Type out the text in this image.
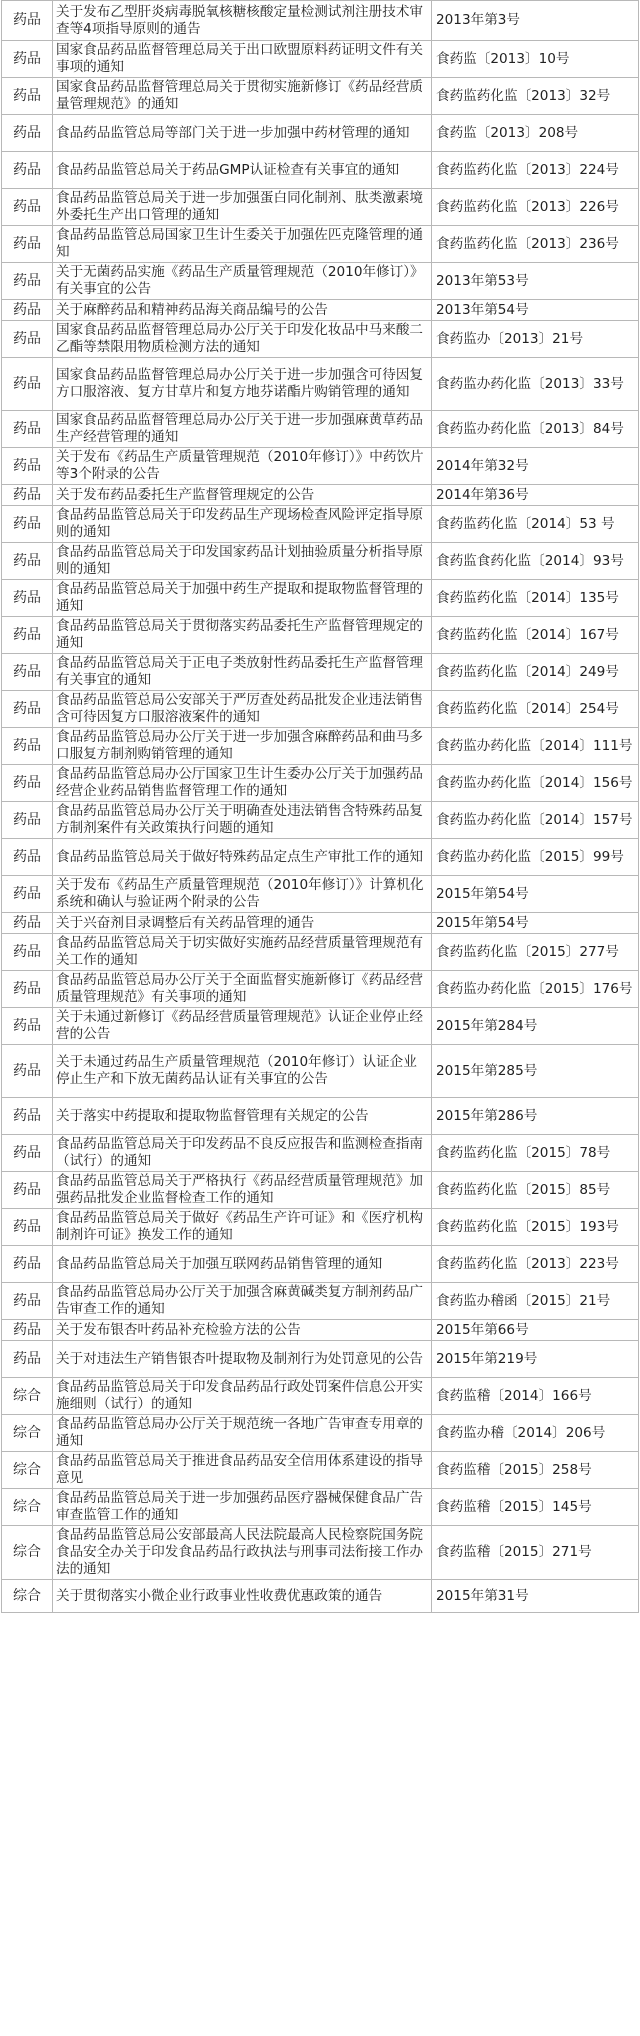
药品	关于发布乙型肝炎病毒脱氧核糖核酸定量检测试剂注册技术审查等4项指导原则的通告	2013年第3号
药品	国家食品药品监督管理总局关于出口欧盟原料药证明文件有关事项的通知	食药监〔2013〕10号
药品	国家食品药品监督管理总局关于贯彻实施新修订《药品经营质量管理规范》的通知	食药监药化监〔2013〕32号
药品	食品药品监管总局等部门关于进一步加强中药材管理的通知	食药监〔2013〕208号
药品	食品药品监管总局关于药品GMP认证检查有关事宜的通知	食药监药化监〔2013〕224号
药品	食品药品监管总局关于进一步加强蛋白同化制剂、肽类激素境外委托生产出口管理的通知	食药监药化监〔2013〕226号
药品	食品药品监管总局国家卫生计生委关于加强佐匹克隆管理的通知	食药监药化监〔2013〕236号
药品	关于无菌药品实施《药品生产质量管理规范（2010年修订）》有关事宜的公告	2013年第53号
药品	关于麻醉药品和精神药品海关商品编号的公告	2013年第54号
药品	国家食品药品监督管理总局办公厅关于印发化妆品中马来酸二乙酯等禁限用物质检测方法的通知	食药监办〔2013〕21号
药品	国家食品药品监督管理总局办公厅关于进一步加强含可待因复方口服溶液、复方甘草片和复方地芬诺酯片购销管理的通知	食药监办药化监〔2013〕33号
药品	国家食品药品监督管理总局办公厅关于进一步加强麻黄草药品生产经营管理的通知	食药监办药化监〔2013〕84号
药品	关于发布《药品生产质量管理规范（2010年修订）》中药饮片等3个附录的公告	2014年第32号
药品	关于发布药品委托生产监督管理规定的公告	2014年第36号
药品	食品药品监管总局关于印发药品生产现场检查风险评定指导原则的通知	食药监药化监〔2014〕53 号
药品	食品药品监管总局关于印发国家药品计划抽验质量分析指导原则的通知	食药监食药化监〔2014〕93号
药品	食品药品监管总局关于加强中药生产提取和提取物监督管理的通知	食药监药化监〔2014〕135号
药品	食品药品监管总局关于贯彻落实药品委托生产监督管理规定的通知	食药监药化监〔2014〕167号
药品	食品药品监管总局关于正电子类放射性药品委托生产监督管理有关事宜的通知	食药监药化监〔2014〕249号
药品	食品药品监管总局公安部关于严厉查处药品批发企业违法销售含可待因复方口服溶液案件的通知	食药监药化监〔2014〕254号
药品	食品药品监管总局办公厅关于进一步加强含麻醉药品和曲马多口服复方制剂购销管理的通知	食药监办药化监〔2014〕111号
药品	食品药品监管总局办公厅国家卫生计生委办公厅关于加强药品经营企业药品销售监督管理工作的通知	食药监办药化监〔2014〕156号
药品	食品药品监管总局办公厅关于明确查处违法销售含特殊药品复方制剂案件有关政策执行问题的通知	食药监办药化监〔2014〕157号
药品	食品药品监管总局关于做好特殊药品定点生产审批工作的通知	食药监办药化监〔2015〕99号
药品	关于发布《药品生产质量管理规范（2010年修订）》计算机化系统和确认与验证两个附录的公告	2015年第54号
药品	关于兴奋剂目录调整后有关药品管理的通告	2015年第54号
药品	食品药品监管总局关于切实做好实施药品经营质量管理规范有关工作的通知	食药监药化监〔2015〕277号
药品	食品药品监管总局办公厅关于全面监督实施新修订《药品经营质量管理规范》有关事项的通知	食药监办药化监〔2015〕176号
药品	关于未通过新修订《药品经营质量管理规范》认证企业停止经营的公告	2015年第284号
药品	关于未通过药品生产质量管理规范（2010年修订）认证企业停止生产和下放无菌药品认证有关事宜的公告	2015年第285号
药品	关于落实中药提取和提取物监督管理有关规定的公告	2015年第286号
药品	食品药品监管总局关于印发药品不良反应报告和监测检查指南（试行）的通知	食药监药化监〔2015〕78号
药品	食品药品监管总局关于严格执行《药品经营质量管理规范》加强药品批发企业监督检查工作的通知	食药监药化监〔2015〕85号
药品	食品药品监管总局关于做好《药品生产许可证》和《医疗机构制剂许可证》换发工作的通知	食药监药化监〔2015〕193号
药品	食品药品监管总局关于加强互联网药品销售管理的通知	食药监药化监〔2013〕223号
药品	食品药品监管总局办公厅关于加强含麻黄碱类复方制剂药品广告审查工作的通知	食药监办稽函〔2015〕21号
药品	关于发布银杏叶药品补充检验方法的公告	2015年第66号
药品	关于对违法生产销售银杏叶提取物及制剂行为处罚意见的公告	2015年第219号
综合	食品药品监管总局关于印发食品药品行政处罚案件信息公开实施细则（试行）的通知	食药监稽〔2014〕166号
综合	食品药品监管总局办公厅关于规范统一各地广告审查专用章的通知	食药监办稽〔2014〕206号
综合	食品药品监管总局关于推进食品药品安全信用体系建设的指导意见	食药监稽〔2015〕258号
综合	食品药品监管总局关于进一步加强药品医疗器械保健食品广告审查监管工作的通知	食药监稽〔2015〕145号
综合	食品药品监管总局公安部最高人民法院最高人民检察院国务院食品安全办关于印发食品药品行政执法与刑事司法衔接工作办法的通知	食药监稽〔2015〕271号
综合	关于贯彻落实小微企业行政事业性收费优惠政策的通告	2015年第31号
